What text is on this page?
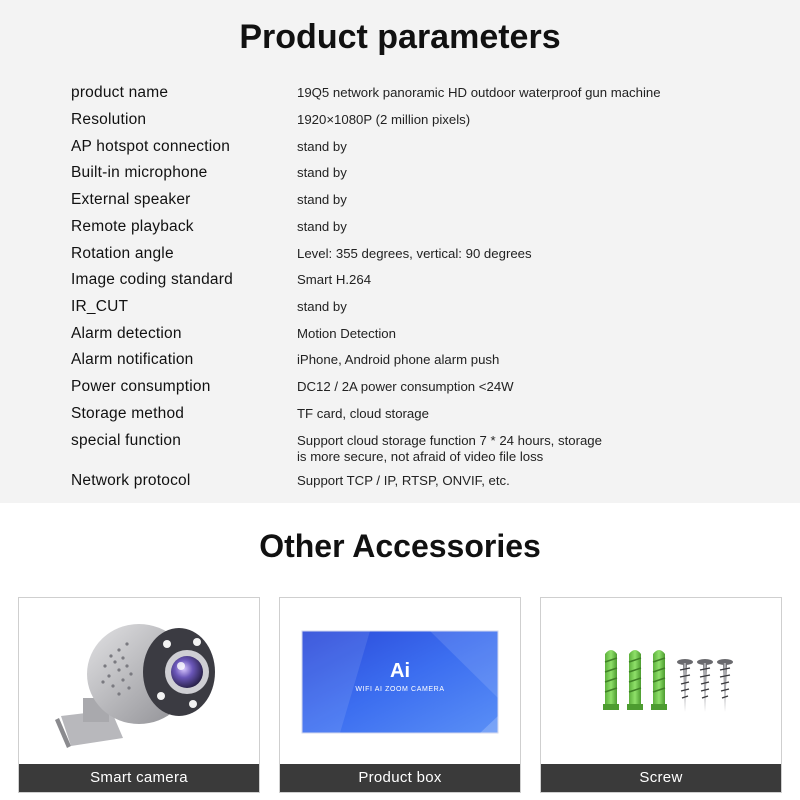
Product parameters
product name	19Q5 network panoramic HD outdoor waterproof gun machine
Resolution	1920×1080P (2 million pixels)
AP hotspot connection	stand by
Built-in microphone	stand by
External speaker	stand by
Remote playback	stand by
Rotation angle	Level: 355 degrees, vertical: 90 degrees
Image coding standard	Smart H.264
IR_CUT	stand by
Alarm detection	Motion Detection
Alarm notification	iPhone, Android phone alarm push
Power consumption	DC12 / 2A power consumption <24W
Storage method	TF card, cloud storage
special function	Support cloud storage function 7 * 24 hours, storage
is more secure, not afraid of video file loss
Network protocol	Support TCP / IP, RTSP, ONVIF, etc.
Other Accessories
Smart camera
Ai
WIFI AI ZOOM CAMERA
Product box	Screw
